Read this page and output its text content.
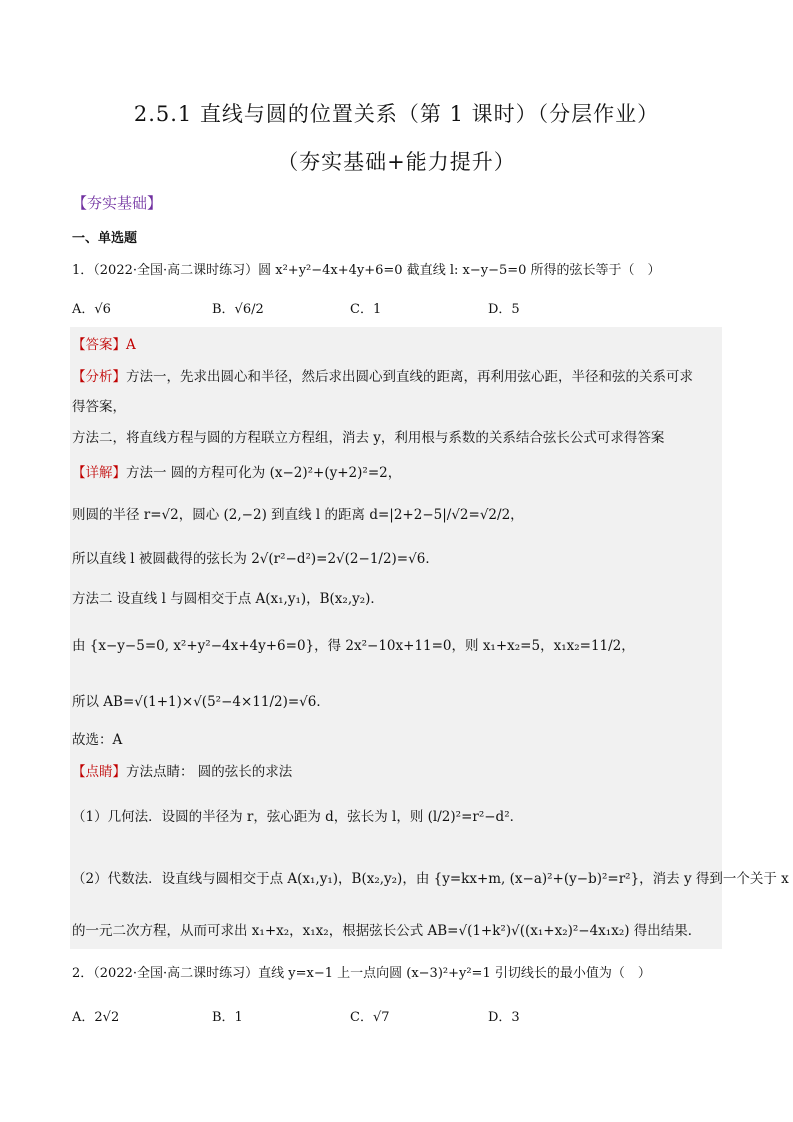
2.5.1 直线与圆的位置关系（第 1 课时）（分层作业）
（夯实基础+能力提升）
【夯实基础】
一、单选题
1．（2022·全国·高二课时练习）圆 x²+y²−4x+4y+6=0 截直线 l: x−y−5=0 所得的弦长等于（　）
A．√6	B．√6/2	C．1	D．5
【答案】A
【分析】方法一，先求出圆心和半径，然后求出圆心到直线的距离，再利用弦心距，半径和弦的关系可求
得答案，
方法二，将直线方程与圆的方程联立方程组，消去 y，利用根与系数的关系结合弦长公式可求得答案
【详解】方法一 圆的方程可化为 (x−2)²+(y+2)²=2，
则圆的半径 r=√2，圆心 (2,−2) 到直线 l 的距离 d=|2+2−5|/√2=√2/2，
所以直线 l 被圆截得的弦长为 2√(r²−d²)=2√(2−1/2)=√6．
方法二 设直线 l 与圆相交于点 A(x₁,y₁)，B(x₂,y₂)．
由 {x−y−5=0, x²+y²−4x+4y+6=0}，得 2x²−10x+11=0，则 x₁+x₂=5，x₁x₂=11/2，
所以 AB=√(1+1)×√(5²−4×11/2)=√6．
故选：A
【点睛】方法点睛： 圆的弦长的求法
（1）几何法．设圆的半径为 r，弦心距为 d，弦长为 l，则 (l/2)²=r²−d²．
（2）代数法．设直线与圆相交于点 A(x₁,y₁)，B(x₂,y₂)，由 {y=kx+m, (x−a)²+(y−b)²=r²}，消去 y 得到一个关于 x
的一元二次方程，从而可求出 x₁+x₂，x₁x₂，根据弦长公式 AB=√(1+k²)√((x₁+x₂)²−4x₁x₂) 得出结果．
2．（2022·全国·高二课时练习）直线 y=x−1 上一点向圆 (x−3)²+y²=1 引切线长的最小值为（　）
A．2√2	B．1	C．√7	D．3
